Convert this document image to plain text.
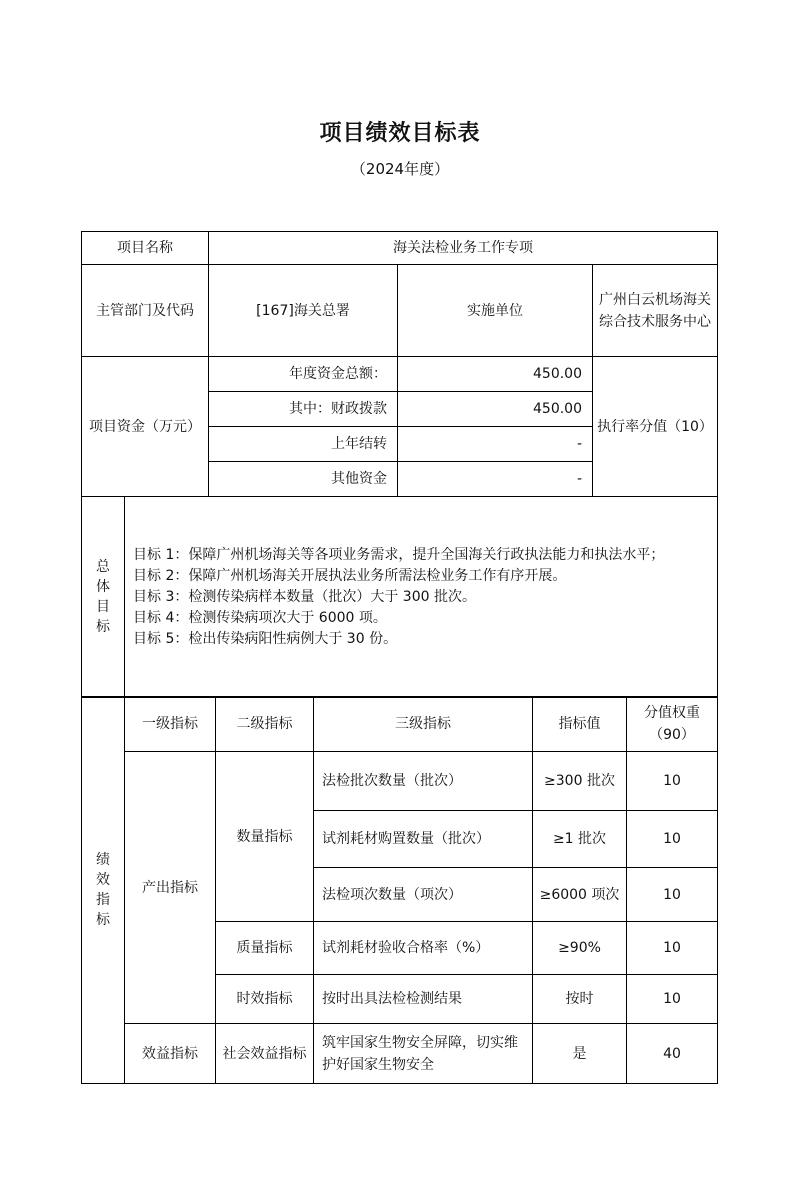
项目绩效目标表
（2024年度）
项目名称		海关法检业务工作专项		
主管部门及代码		[167]海关总署	实施单位	广州白云机场海关综合技术服务中心
项目资金（万元）		年度资金总额：	450.00	执行率分值（10）
		其中：财政拨款	450.00	
		上年结转	-	
		其他资金	-	

总体目标	目标 1：保障广州机场海关等各项业务需求，提升全国海关行政执法能力和执法水平；
目标 2：保障广州机场海关开展执法业务所需法检业务工作有序开展。
目标 3：检测传染病样本数量（批次）大于 300 批次。
目标 4：检测传染病项次大于 6000 项。
目标 5：检出传染病阳性病例大于 30 份。			
绩效指标	一级指标	二级指标	三级指标	指标值	分值权重（90）
	产出指标	数量指标	法检批次数量（批次）	≥300 批次	10
			试剂耗材购置数量（批次）	≥1 批次	10
			法检项次数量（项次）	≥6000 项次	10
		质量指标	试剂耗材验收合格率（%）	≥90%	10
		时效指标	按时出具法检检测结果	按时	10
	效益指标	社会效益指标	筑牢国家生物安全屏障，切实维护好国家生物安全	是	40
